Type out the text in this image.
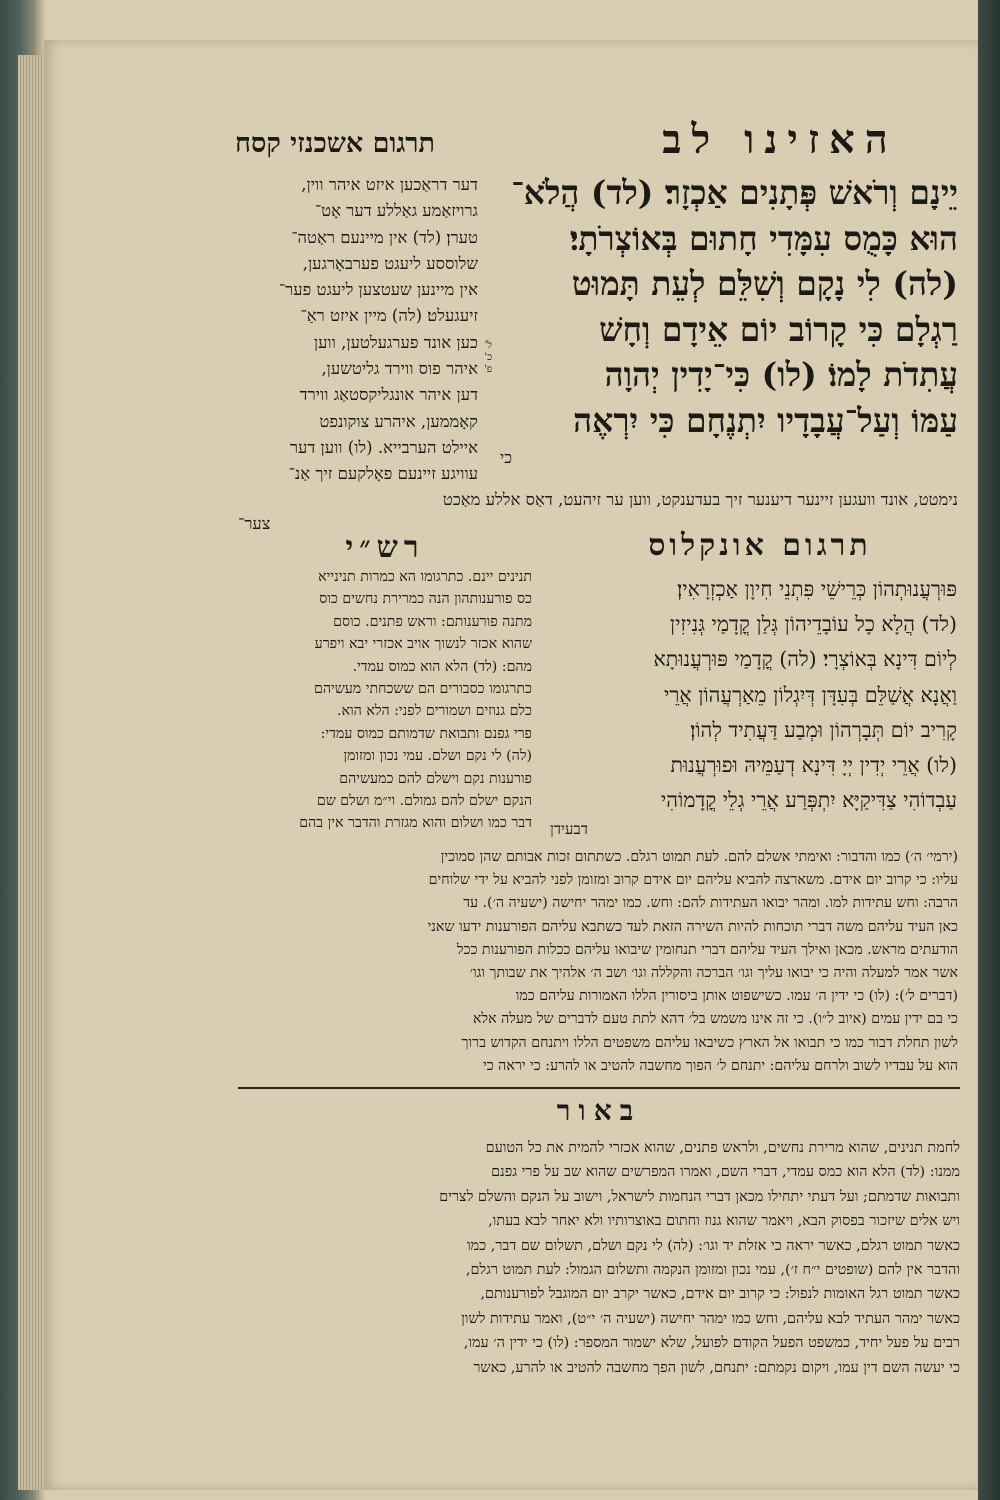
תרגום אשכנזי קסח	האזינו לב
יֵינָם וְרֹאשׁ פְּתָנִים אַכְזָר׃ (לד) הֲלֹא־
הוּא כָּמֻס עִמָּדִי חָתוּם בְּאוֹצְרֹתָי׃
(לה) לִי נָקָם וְשִׁלֵּם לְעֵת תָּמוּט
רַגְלָם כִּי קָרוֹב יוֹם אֵידָם וְחָשׁ
עֲתִדֹת לָמוֹ׃ (לו) כִּי־יָדִין יְהוָה
עַמּוֹ וְעַל־עֲבָדָיו יִתְנֶחָם כִּי יִרְאֶה
כי
ל' כ' פ'
דער דראַכען איזט איהר ווין,
גרויזאַמע גאַללע דער אָט־
טערן׃ (לד) אין מיינעם ראַטה־
שלוססע ליעגט פערבאָרגען,
אין מיינען שעטצען ליעגט פער־
זיעגעלט׃ (לה) מיין איזט ראַ־
כען אונד פערגעלטען, ווען
איהר פוס ווירד גליטשען,
דען איהר אונגליקסטאַג ווירד
קאָממען, איהרע צוקונפט
איילט הערבייא. (לו) ווען דער
עוויגע זיינעם פאָלקעם זיך אַנ־
נימטט, אונד וועגען זיינער דיענער זיך בעדענקט, ווען ער זיהעט, דאַס אללע מאַכט
צער־
תרגום אונקלוס
פּוּרְעֲנוּתְהוֹן כְּרֵישֵׁי פִּתְנֵי חִיוָן אַכְזְרָאִין׃
(לד) הֲלָא כָל עוֹבָדֵיהוֹן גְּלַן קֳדָמַי גְּנִיזִין
לְיוֹם דִּינָא בְּאוֹצְרָי׃ (לה) קֳדָמַי פּוּרְעֲנוּתָא
וַאֲנָא אֲשַׁלֵּם בְּעִדָּן דְּיִגְלוֹן מֵאַרְעֲהוֹן אֲרֵי
קָרִיב יוֹם תְּבָרְהוֹן וּמְבַע דַּעֲתִיד לְהוֹן׃
(לו) אֲרֵי יְדִין יְיָ דִּינָא דְעַמֵּיהּ וּפוּרְעֲנוּת
עַבְדוֹהִי צַדִּיקַיָּא יִתְפְּרַע אֲרֵי גְלֵי קֳדָמוֹהִי
דבעידן
רש״י
תנינים יינם. כתרגומו הא כמרות תנינייא
כס פורענותהון הנה כמרירת נחשים כוס
מתנה פורענותם: וראש פתנים. כוסם
שהוא אכזר לנשוך אויב אכזרי יבא ויפרע
מהם: (לד) הלא הוא כמוס עמדי.
כתרגומו כסבורים הם ששכחתי מעשיהם
כלם גנוזים ושמורים לפני: הלא הוא.
פרי גפנם ותבואת שדמותם כמוס עמדי:
(לה) לי נקם ושלם. עמי נכון ומזומן
פורענות נקם וישלם להם כמעשיהם
הנקם ישלם להם גמולם. וי״מ ושלם שם
דבר כמו ושלום והוא מגזרת והדבר אין בהם
(ירמי׳ ה׳) כמו והדבור: ואימתי אשלם להם. לעת תמוט רגלם. כשתתום זכות אבותם שהן סמוכין
עליו: כי קרוב יום אידם. משארצה להביא עליהם יום אידם קרוב ומזומן לפני להביא על ידי שלוחים
הרבה: וחש עתידות למו. ומהר יבואו העתידות להם: וחש. כמו ימהר יחישה (ישעיה ה׳). עד
כאן העיד עליהם משה דברי תוכחות להיות השירה הזאת לעד כשתבא עליהם הפורענות ידעו שאני
הודעתים מראש. מכאן ואילך העיד עליהם דברי תנחומין שיבואו עליהם ככלות הפורענות ככל
אשר אמר למעלה והיה כי יבואו עליך וגו׳ הברכה והקללה וגו׳ ושב ה׳ אלהיך את שבותך וגו׳
(דברים ל׳): (לו) כי ידין ה׳ עמו. כשישפוט אותן ביסורין הללו האמורות עליהם כמו
כי בם ידין עמים (איוב ל״ו). כי זה אינו משמש בל׳ דהא לתת טעם לדברים של מעלה אלא
לשון תחלת דבור כמו כי תבואו אל הארץ כשיבאו עליהם משפטים הללו ויתנחם הקדוש ברוך
הוא על עבדיו לשוב ולרחם עליהם: יתנחם ל׳ הפוך מחשבה להטיב או להרע: כי יראה כי
באור
לחמת תנינים, שהוא מרירת נחשים, ולראש פתנים, שהוא אכזרי להמית את כל הטועם
ממנו: (לד) הלא הוא כמס עמדי, דברי השם, ואמרו המפרשים שהוא שב על פרי גפנם
ותבואות שדמתם; ועל דעתי יתחילו מכאן דברי הנחמות לישראל, וישוב על הנקם והשלם לצרים
ויש אלים שיזכור בפסוק הבא, ויאמר שהוא גנוז וחתום באוצרותיו ולא יאחר לבא בעתו,
כאשר תמוט רגלם, כאשר יראה כי אזלת יד וגו׳: (לה) לי נקם ושלם, תשלום שם דבר, כמו
והדבר אין להם (שופטים י״ח ז׳), עמי נכון ומזומן הנקמה ותשלום הגמול: לעת תמוט רגלם,
כאשר תמוט רגל האומות לנפול: כי קרוב יום אידם, כאשר יקרב יום המוגבל לפורענותם,
כאשר ימהר העתיד לבא עליהם, וחש כמו ימהר יחישה (ישעיה ה׳ י״ט), ואמר עתידות לשון
רבים על פעל יחיד, כמשפט הפעל הקודם לפועל, שלא ישמור המספר: (לו) כי ידין ה׳ עמו,
כי יעשה השם דין עמו, ויקום נקמתם: יתנחם, לשון הפך מחשבה להטיב או להרע, כאשר
